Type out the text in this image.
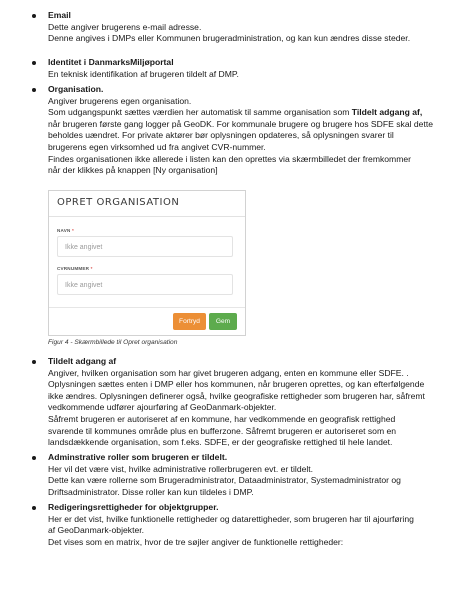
Email
Dette angiver brugerens e-mail adresse.
Denne angives i DMPs eller Kommunen brugeradministration, og kan kun ændres disse steder.
Identitet i DanmarksMiljøportal
En teknisk identifikation af brugeren tildelt af DMP.
Organisation.
Angiver brugerens egen organisation.
Som udgangspunkt sættes værdien her automatisk til samme organisation som Tildelt adgang af,
når brugeren første gang logger på GeoDK. For kommunale brugere og brugere hos SDFE skal dette
beholdes uændret. For private aktører bør oplysningen opdateres, så oplysningen svarer til
brugerens egen virksomhed ud fra angivet CVR-nummer.
Findes organisationen ikke allerede i listen kan den oprettes via skærmbilledet der fremkommer
når der klikkes på knappen [Ny organisation]
OPRET ORGANISATION
NAVN *
Ikke angivet
CVRNUMMER *
Ikke angivet
Fortryd	Gem
Figur 4 - Skærmbillede til Opret organisation
Tildelt adgang af
Angiver, hvilken organisation som har givet brugeren adgang, enten en kommune eller SDFE. .
Oplysningen sættes enten i DMP eller hos kommunen, når brugeren oprettes, og kan efterfølgende
ikke ændres. Oplysningen definerer også, hvilke geografiske rettigheder som brugeren har, såfremt
vedkommende udfører ajourføring af GeoDanmark-objekter.
Såfremt brugeren er autoriseret af en kommune, har vedkommende en geografisk rettighed
svarende til kommunes område plus en bufferzone. Såfremt brugeren er autoriseret som en
landsdækkende organisation, som f.eks. SDFE, er der geografiske rettighed til hele landet.
Adminstrative roller som brugeren er tildelt.
Her vil det være vist, hvilke administrative rollerbrugeren evt. er tildelt.
Dette kan være rollerne som Brugeradministrator, Dataadministrator, Systemadministrator og
Driftsadministrator. Disse roller kan kun tildeles i DMP.
Redigeringsrettigheder for objektgrupper.
Her er det vist, hvilke funktionelle rettigheder og datarettigheder, som brugeren har til ajourføring
af GeoDanmark-objekter.
Det vises som en matrix, hvor de tre søjler angiver de funktionelle rettigheder:
